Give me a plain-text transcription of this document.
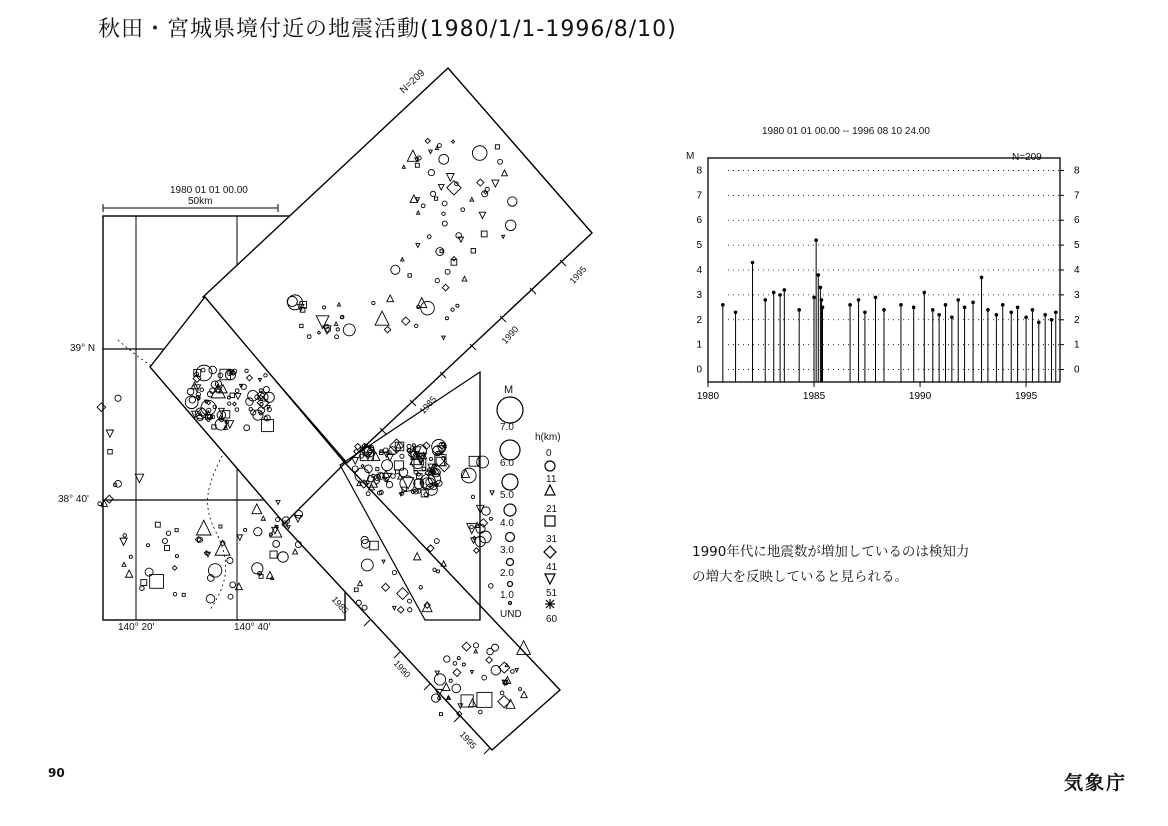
秋田・宮城県境付近の地震活動(1980/1/1-1996/8/10)
1980 01 01 00.00
50km
N=209
39° N
38° 40'
140° 20'	140° 40'
1995
1990
1985
1985
1990
1995
M
h(km)
7.0
6.0
5.0
4.0
3.0
2.0
1.0
UND
0
11
21
31
41
51
60
1980 01 01 00.00 -- 1996 08 10 24.00
M	N=209
0	0
1	1
2	2
3	3
4	4
5	5
6	6
7	7
8	8
1980	1985	1990	1995
1990年代に地震数が増加しているのは検知力
の増大を反映していると見られる。
90	気象庁
